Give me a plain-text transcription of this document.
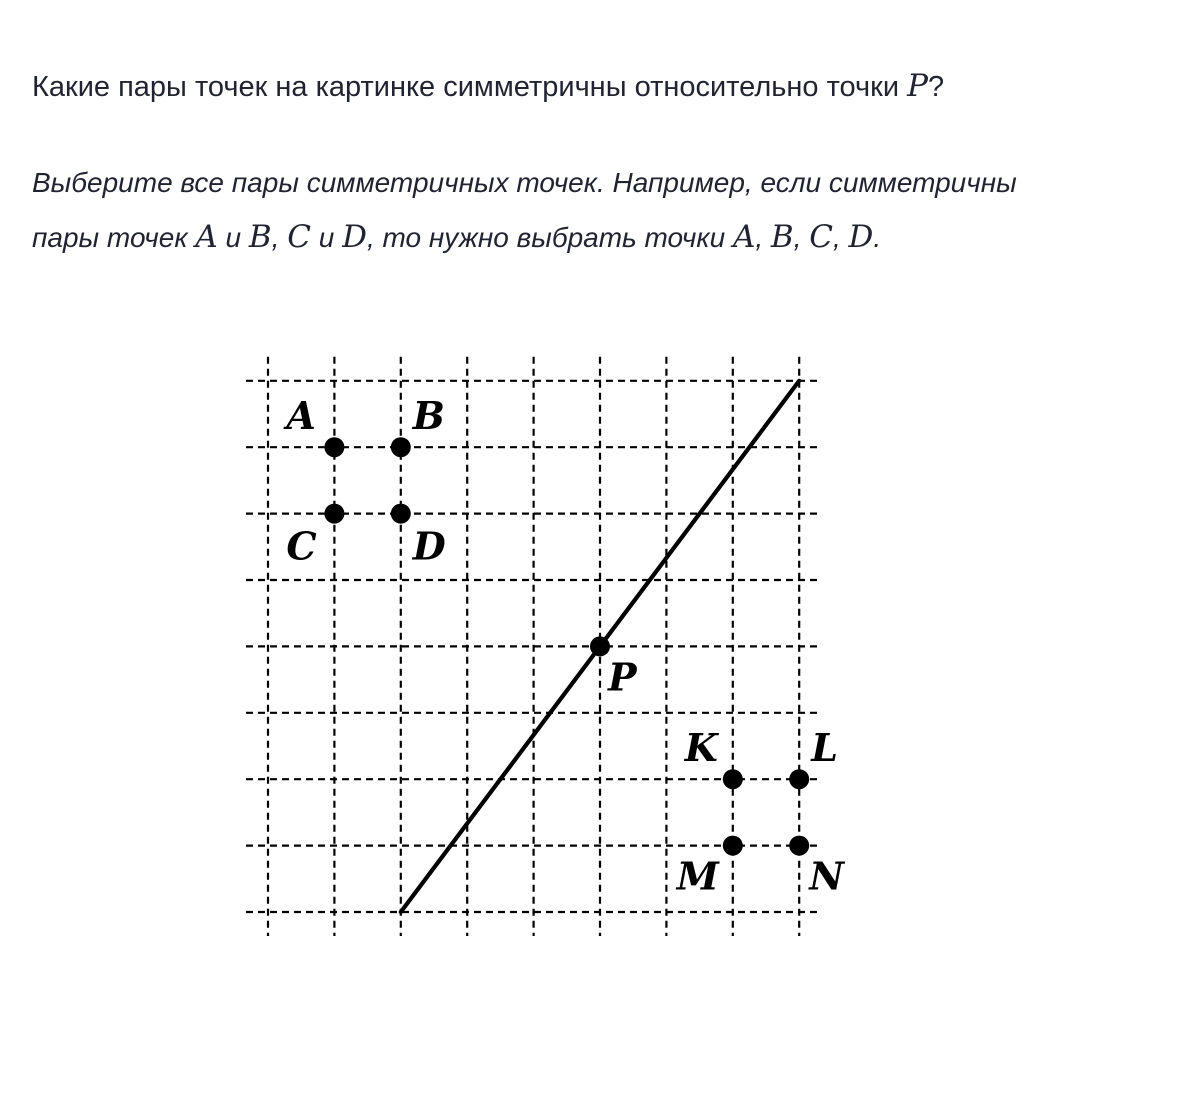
Какие пары точек на картинке симметричны относительно точки P?
Выберите все пары симметричных точек. Например, если симметричны
пары точек A и B, C и D, то нужно выбрать точки A, B, C, D.
A	B
C	D
P
K L
M N
